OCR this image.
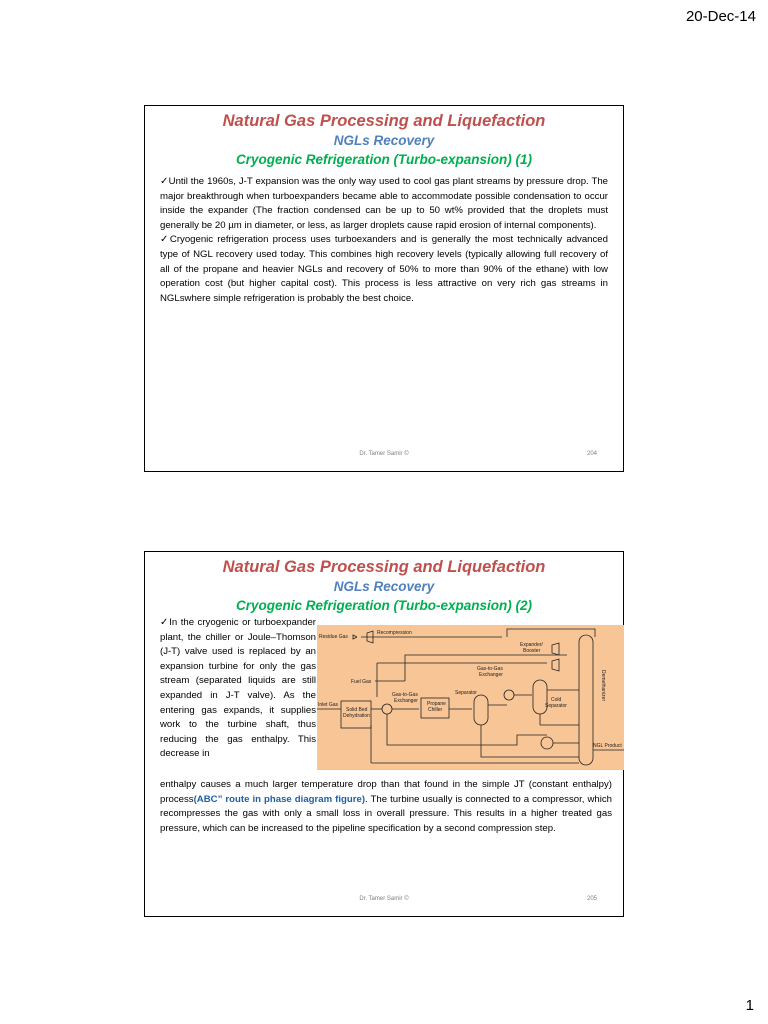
20-Dec-14
Natural Gas Processing and Liquefaction
NGLs Recovery
Cryogenic Refrigeration (Turbo-expansion) (1)

✓Until the 1960s, J-T expansion was the only way used to cool gas plant streams by pressure drop. The major breakthrough when turboexpanders became able to accommodate possible condensation to occur inside the expander (The fraction condensed can be up to 50 wt% provided that the droplets must generally be 20 µm in diameter, or less, as larger droplets cause rapid erosion of internal components).

✓Cryogenic refrigeration process uses turboexanders and is generally the most technically advanced type of NGL recovery used today. This combines high recovery levels (typically allowing full recovery of all of the propane and heavier NGLs and recovery of 50% to more than 90% of the ethane) with low operation cost (but higher capital cost). This process is less attractive on very rich gas streams in NGLswhere simple refrigeration is probably the best choice.

Dr. Tamer Samir ©	204
Natural Gas Processing and Liquefaction
NGLs Recovery
Cryogenic Refrigeration (Turbo-expansion) (2)

✓In the cryogenic or turboexpander plant, the chiller or Joule–Thomson (J-T) valve used is replaced by an expansion turbine for only the gas stream (separated liquids are still expanded in J-T valve). As the entering gas expands, it supplies work to the turbine shaft, thus reducing the gas enthalpy. This decrease in

Residue Gas
Recompression
Fuel Gas
Expander/
Booster
Gas-to-Gas
Exchanger
Cold
Separator
Demethanizer
Separator
Gas-to-Gas
Exchanger
Inlet Gas
Solid Bed
Dehydration
Propane
Chiller
NGL Product

enthalpy causes a much larger temperature drop than that found in the simple JT (constant enthalpy) process(ABC” route in phase diagram figure). The turbine usually is connected to a compressor, which recompresses the gas with only a small loss in overall pressure. This results in a higher treated gas pressure, which can be increased to the pipeline specification by a second compression step.

Dr. Tamer Samir ©	205
1
